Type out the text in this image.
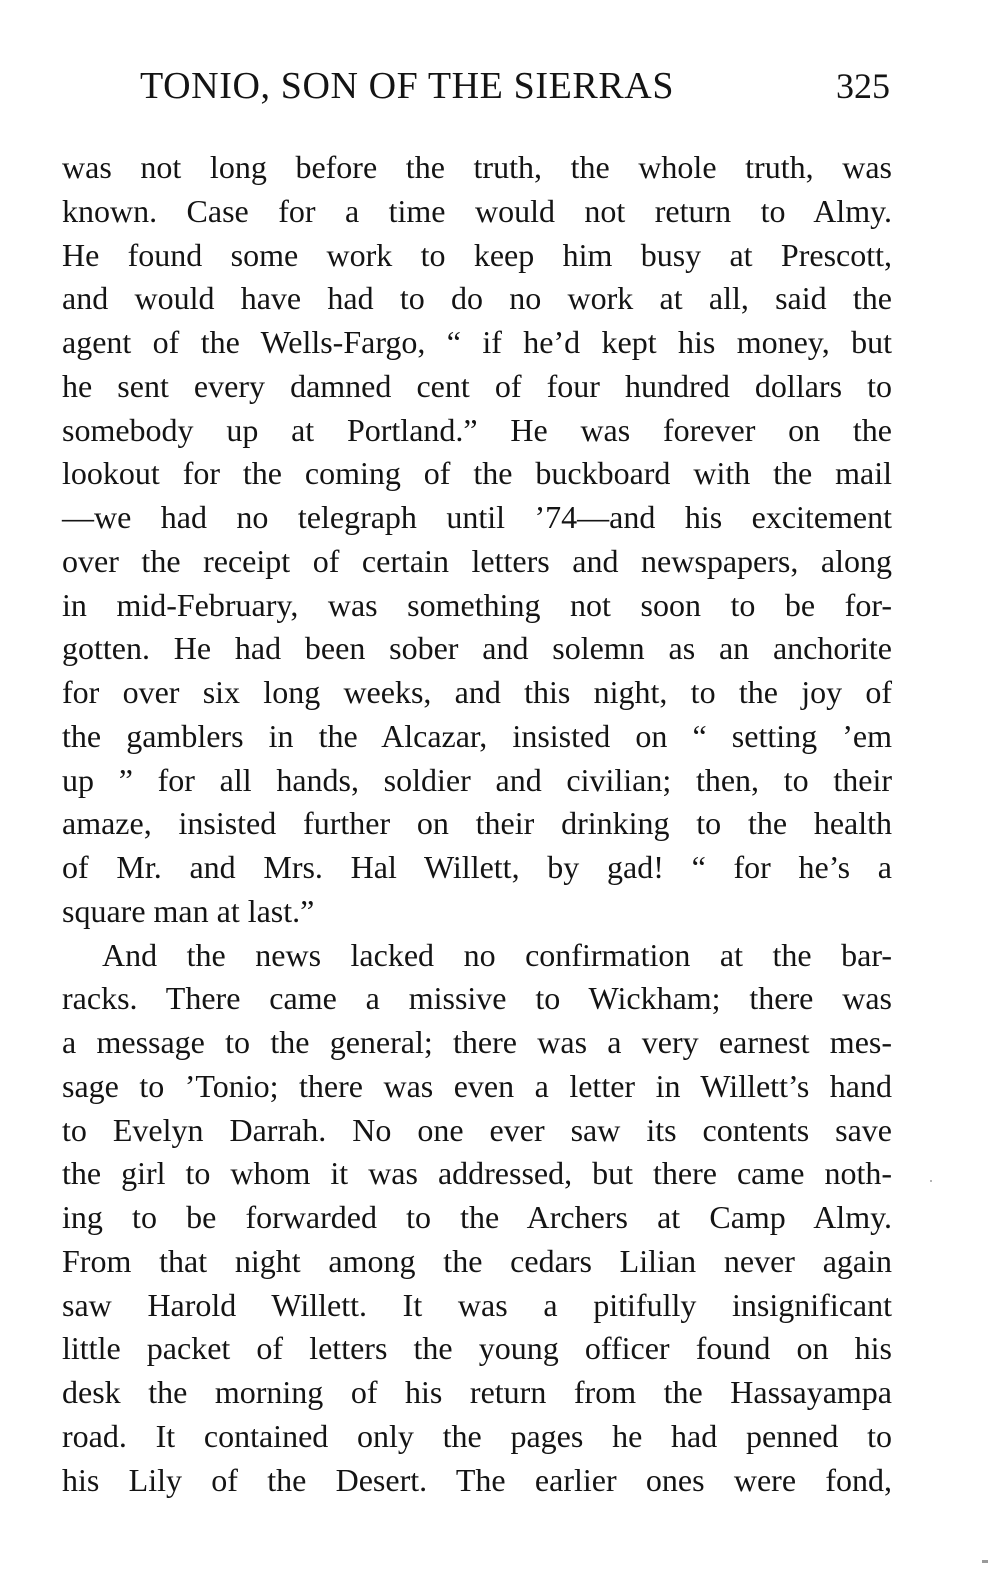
TONIO, SON OF THE SIERRAS	325
was not long before the truth, the whole truth, was
known. Case for a time would not return to Almy.
He found some work to keep him busy at Prescott,
and would have had to do no work at all, said the
agent of the Wells-Fargo, “ if he’d kept his money, but
he sent every damned cent of four hundred dollars to
somebody up at Portland.” He was forever on the
lookout for the coming of the buckboard with the mail
—we had no telegraph until ’74—and his excitement
over the receipt of certain letters and newspapers, along
in mid-February, was something not soon to be for-
gotten. He had been sober and solemn as an anchorite
for over six long weeks, and this night, to the joy of
the gamblers in the Alcazar, insisted on “ setting ’em
up ” for all hands, soldier and civilian; then, to their
amaze, insisted further on their drinking to the health
of Mr. and Mrs. Hal Willett, by gad! “ for he’s a
square man at last.”
And the news lacked no confirmation at the bar-
racks. There came a missive to Wickham; there was
a message to the general; there was a very earnest mes-
sage to ’Tonio; there was even a letter in Willett’s hand
to Evelyn Darrah. No one ever saw its contents save
the girl to whom it was addressed, but there came noth-
ing to be forwarded to the Archers at Camp Almy.
From that night among the cedars Lilian never again
saw Harold Willett. It was a pitifully insignificant
little packet of letters the young officer found on his
desk the morning of his return from the Hassayampa
road. It contained only the pages he had penned to
his Lily of the Desert. The earlier ones were fond,
